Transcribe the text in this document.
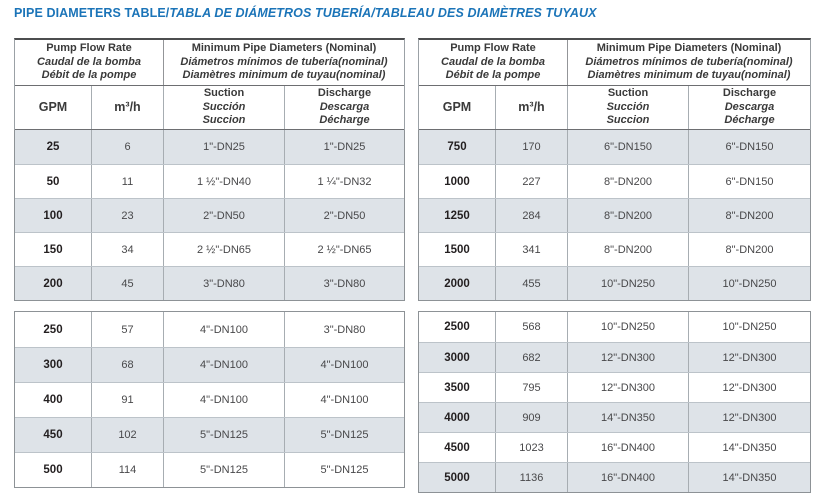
PIPE DIAMETERS TABLE/TABLA DE DIÁMETROS TUBERÍA/TABLEAU DES DIAMÈTRES TUYAUX
Pump Flow Rate
Caudal de la bomba
Débit de la pompe
Minimum Pipe Diameters (Nominal)
Diámetros mínimos de tubería(nominal)
Diamètres minimum de tuyau(nominal)
GPM	m³/h
Suction
Succión
Succion
Discharge
Descarga
Décharge
25	6	1"-DN25	1"-DN25
50	11	1 ½"-DN40	1 ¼"-DN32
100	23	2"-DN50	2"-DN50
150	34	2 ½"-DN65	2 ½"-DN65
200	45	3"-DN80	3"-DN80
250	57	4"-DN100	3"-DN80
300	68	4"-DN100	4"-DN100
400	91	4"-DN100	4"-DN100
450	102	5"-DN125	5"-DN125
500	114	5"-DN125	5"-DN125
Pump Flow Rate
Caudal de la bomba
Débit de la pompe
Minimum Pipe Diameters (Nominal)
Diámetros mínimos de tubería(nominal)
Diamètres minimum de tuyau(nominal)
GPM	m³/h
Suction
Succión
Succion
Discharge
Descarga
Décharge
750	170	6"-DN150	6"-DN150
1000	227	8"-DN200	6"-DN150
1250	284	8"-DN200	8"-DN200
1500	341	8"-DN200	8"-DN200
2000	455	10"-DN250	10"-DN250
2500	568	10"-DN250	10"-DN250
3000	682	12"-DN300	12"-DN300
3500	795	12"-DN300	12"-DN300
4000	909	14"-DN350	12"-DN300
4500	1023	16"-DN400	14"-DN350
5000	1136	16"-DN400	14"-DN350
